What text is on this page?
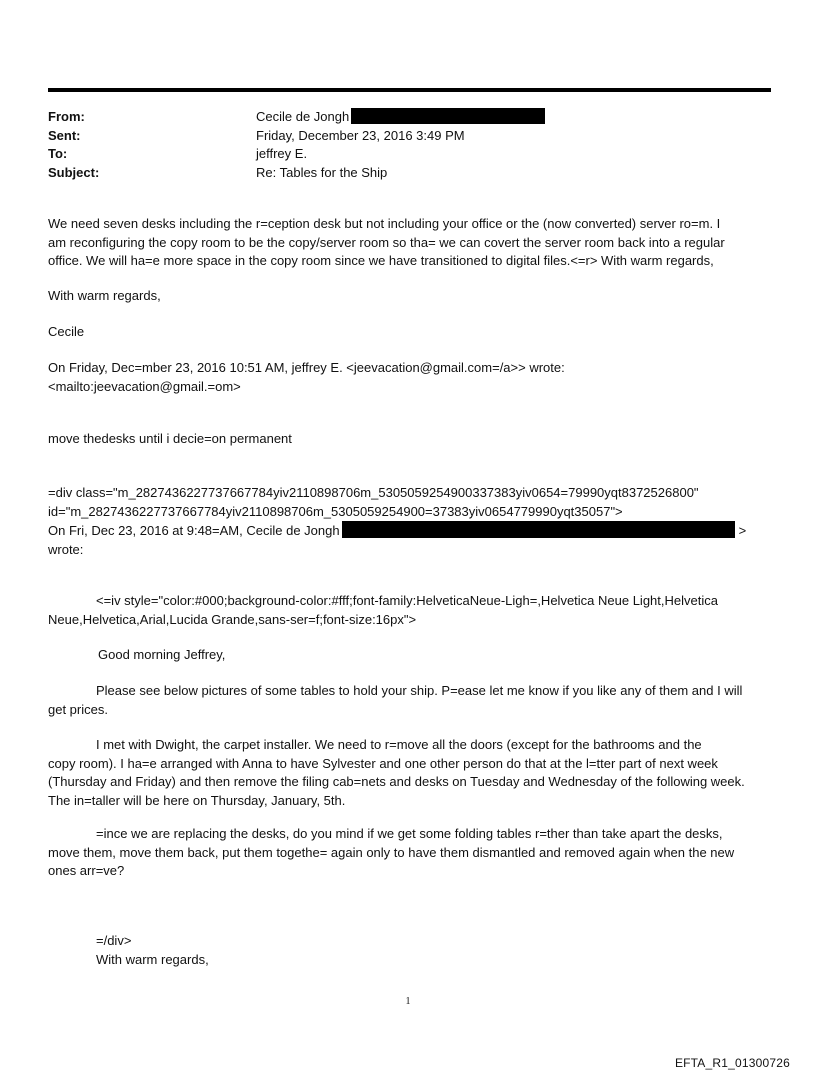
From:	Cecile de Jongh
Sent:	Friday, December 23, 2016 3:49 PM
To:	jeffrey E.
Subject:	Re: Tables for the Ship

We need seven desks including the r=ception desk but not including your office or the (now converted) server ro=m. I

am reconfiguring the copy room to be the copy/server room so tha= we can covert the server room back into a regular

office. We will ha=e more space in the copy room since we have transitioned to digital files.<=r> With warm regards,

With warm regards,

Cecile

On Friday, Dec=mber 23, 2016 10:51 AM, jeffrey E. <jeevacation@gmail.com=/a>> wrote:

<mailto:jeevacation@gmail.=om>

move thedesks until i decie=on permanent

=div class="m_2827436227737667784yiv2110898706m_5305059254900337383yiv0654=79990yqt8372526800"

id="m_2827436227737667784yiv2110898706m_5305059254900=37383yiv0654779990yqt35057">

On Fri, Dec 23, 2016 at 9:48=AM, Cecile de Jongh	>

wrote:

<=iv style="color:#000;background-color:#fff;font-family:HelveticaNeue-Ligh=,Helvetica Neue Light,Helvetica

Neue,Helvetica,Arial,Lucida Grande,sans-ser=f;font-size:16px">

Good morning Jeffrey,

Please see below pictures of some tables to hold your ship. P=ease let me know if you like any of them and I will

get prices.

I met with Dwight, the carpet installer. We need to r=move all the doors (except for the bathrooms and the

copy room). I ha=e arranged with Anna to have Sylvester and one other person do that at the l=tter part of next week

(Thursday and Friday) and then remove the filing cab=nets and desks on Tuesday and Wednesday of the following week.

The in=taller will be here on Thursday, January, 5th.

=ince we are replacing the desks, do you mind if we get some folding tables r=ther than take apart the desks,

move them, move them back, put them togethe= again only to have them dismantled and removed again when the new

ones arr=ve?

=/div>

With warm regards,

1
EFTA_R1_01300726
